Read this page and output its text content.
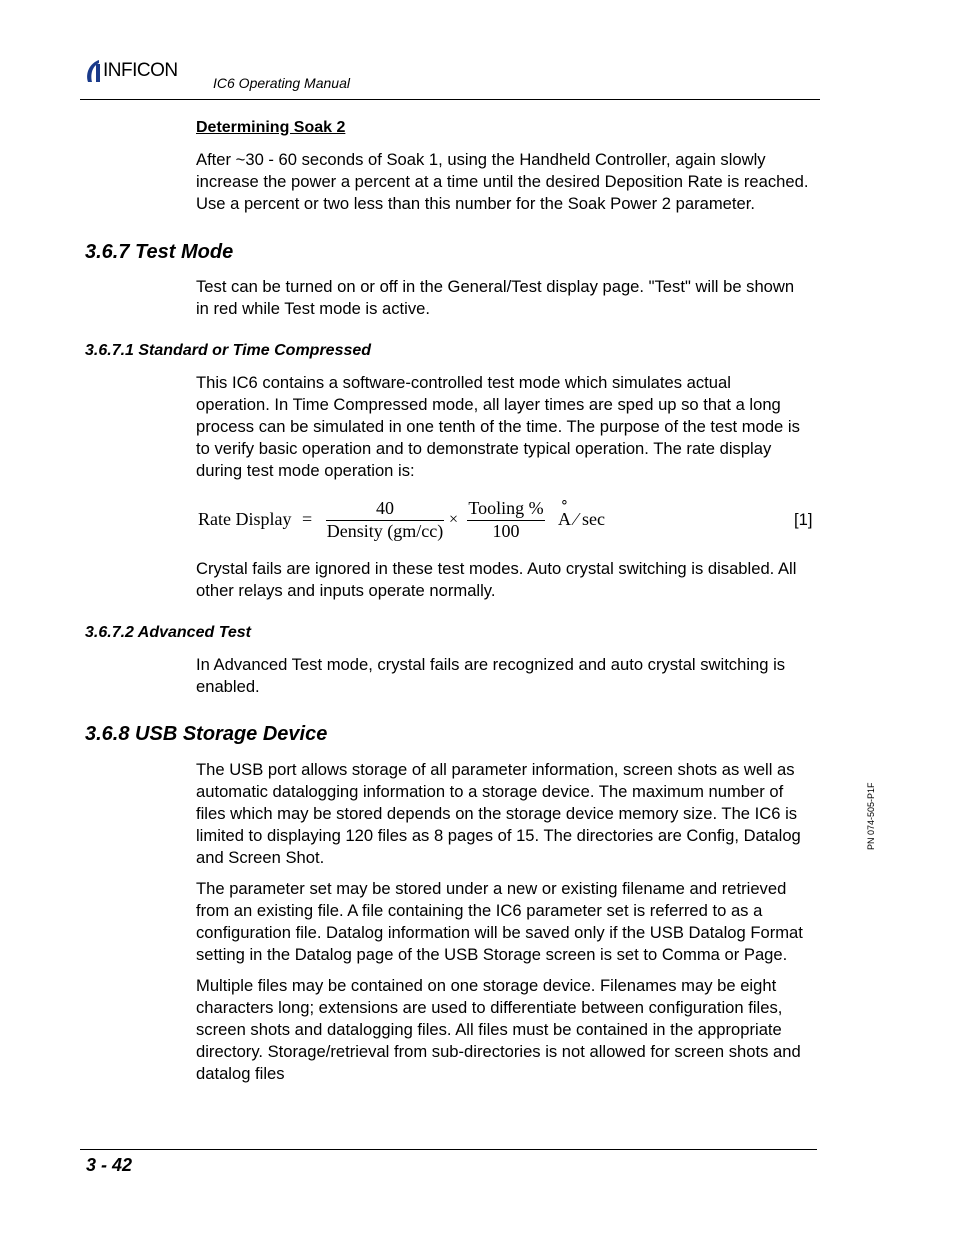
INFICON
IC6 Operating Manual
Determining Soak 2
After ~30 - 60 seconds of Soak 1, using the Handheld Controller, again slowly
increase the power a percent at a time until the desired Deposition Rate is reached.
Use a percent or two less than this number for the Soak Power 2 parameter.
3.6.7 Test Mode
Test can be turned on or off in the General/Test display page. "Test" will be shown
in red while Test mode is active.
3.6.7.1 Standard or Time Compressed
This IC6 contains a software-controlled test mode which simulates actual
operation. In Time Compressed mode, all layer times are sped up so that a long
process can be simulated in one tenth of the time. The purpose of the test mode is
to verify basic operation and to demonstrate typical operation. The rate display
during test mode operation is:
Rate Display =
40
Density (gm/cc)
×
Tooling %
100
∘
A ⁄ sec	[1]
Crystal fails are ignored in these test modes. Auto crystal switching is disabled. All
other relays and inputs operate normally.
3.6.7.2 Advanced Test
In Advanced Test mode, crystal fails are recognized and auto crystal switching is
enabled.
3.6.8 USB Storage Device
The USB port allows storage of all parameter information, screen shots as well as
automatic datalogging information to a storage device. The maximum number of
files which may be stored depends on the storage device memory size. The IC6 is
limited to displaying 120 files as 8 pages of 15. The directories are Config, Datalog
and Screen Shot.
The parameter set may be stored under a new or existing filename and retrieved
from an existing file. A file containing the IC6 parameter set is referred to as a
configuration file. Datalog information will be saved only if the USB Datalog Format
setting in the Datalog page of the USB Storage screen is set to Comma or Page.
Multiple files may be contained on one storage device. Filenames may be eight
characters long; extensions are used to differentiate between configuration files,
screen shots and datalogging files. All files must be contained in the appropriate
directory. Storage/retrieval from sub-directories is not allowed for screen shots and
datalog files
PN 074-505-P1F
3 - 42
